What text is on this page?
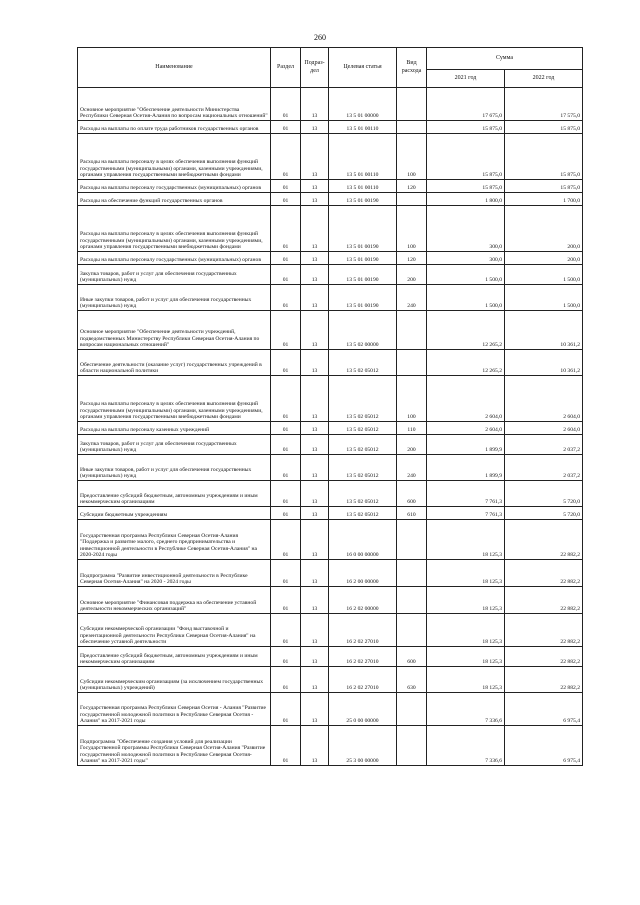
260
Наименование	Раздел	Подраз- дел	Целевая статья	Вид расхода	Сумма	
					2021 год	2022 год
Основное мероприятие "Обеспечение деятельности Министерства Республики Северная Осетия-Алания по вопросам национальных отношений"	01	13	13 5 01 00000		17 675,0	17 575,0
Расходы на выплаты по оплате труда работников государственных органов	01	13	13 5 01 00110		15 875,0	15 875,0
Расходы на выплаты персоналу в целях обеспечения выполнения функций государственными (муниципальными) органами, казенными учреждениями, органами управления государственными внебюджетными фондами	01	13	13 5 01 00110	100	15 875,0	15 875,0
Расходы на выплаты персоналу государственных (муниципальных) органов	01	13	13 5 01 00110	120	15 875,0	15 875,0
Расходы на обеспечение функций государственных органов	01	13	13 5 01 00190		1 800,0	1 700,0
Расходы на выплаты персоналу в целях обеспечения выполнения функций государственными (муниципальными) органами, казенными учреждениями, органами управления государственными внебюджетными фондами	01	13	13 5 01 00190	100	300,0	200,0
Расходы на выплаты персоналу государственных (муниципальных) органов	01	13	13 5 01 00190	120	300,0	200,0
Закупка товаров, работ и услуг для обеспечения государственных (муниципальных) нужд	01	13	13 5 01 00190	200	1 500,0	1 500,0
Иные закупки товаров, работ и услуг для обеспечения государственных (муниципальных) нужд	01	13	13 5 01 00190	240	1 500,0	1 500,0
Основное мероприятие "Обеспечение деятельности учреждений, подведомственных Министерству Республики Северная Осетия-Алания по вопросам национальных отношений"	01	13	13 5 02 00000		12 265,2	10 361,2
Обеспечение деятельности (оказание услуг) государственных учреждений в области национальной политики	01	13	13 5 02 05012		12 265,2	10 361,2
Расходы на выплаты персоналу в целях обеспечения выполнения функций государственными (муниципальными) органами, казенными учреждениями, органами управления государственными внебюджетными фондами	01	13	13 5 02 05012	100	2 604,0	2 604,0
Расходы на выплаты персоналу казенных учреждений	01	13	13 5 02 05012	110	2 604,0	2 604,0
Закупка товаров, работ и услуг для обеспечения государственных (муниципальных) нужд	01	13	13 5 02 05012	200	1 899,9	2 037,2
Иные закупки товаров, работ и услуг для обеспечения государственных (муниципальных) нужд	01	13	13 5 02 05012	240	1 899,9	2 037,2
Предоставление субсидий бюджетным, автономным учреждениям и иным некоммерческим организациям	01	13	13 5 02 05012	600	7 761,3	5 720,0
Субсидии бюджетным учреждениям	01	13	13 5 02 05012	610	7 761,3	5 720,0
Государственная программа Республики Северная Осетия-Алания "Поддержка и развитие малого, среднего предпринимательства и инвестиционной деятельности в Республике Северная Осетия-Алания" на 2020-2024 годы	01	13	16 0 00 00000		18 125,3	22 882,2
Подпрограмма "Развитие инвестиционной деятельности в Республике Северная Осетия-Алания" на 2020 - 2024 годы	01	13	16 2 00 00000		18 125,3	22 882,2
Основное мероприятие "Финансовая поддержка на обеспечение уставной деятельности некоммерческих организаций"	01	13	16 2 02 00000		18 125,3	22 882,2
Субсидии некоммерческой организации "Фонд выставочной и презентационной деятельности Республики Северная Осетия-Алания" на обеспечение уставной деятельности	01	13	16 2 02 27010		18 125,3	22 882,2
Предоставление субсидий бюджетным, автономным учреждениям и иным некоммерческим организациям	01	13	16 2 02 27010	600	18 125,3	22 882,2
Субсидии некоммерческим организациям (за исключением государственных (муниципальных) учреждений)	01	13	16 2 02 27010	630	18 125,3	22 882,2
Государственная программа Республики Северная Осетия - Алания "Развитие государственной молодежной политики в Республике Северная Осетия - Алания" на 2017-2021 годы	01	13	25 0 00 00000		7 336,6	6 975,4
Подпрограмма "Обеспечение создания условий для реализации Государственной программы Республики Северная Осетия-Алания "Развитие государственной молодежной политики в Республике Северная Осетия-Алания" на 2017-2021 годы"	01	13	25 3 00 00000		7 336,6	6 975,4
